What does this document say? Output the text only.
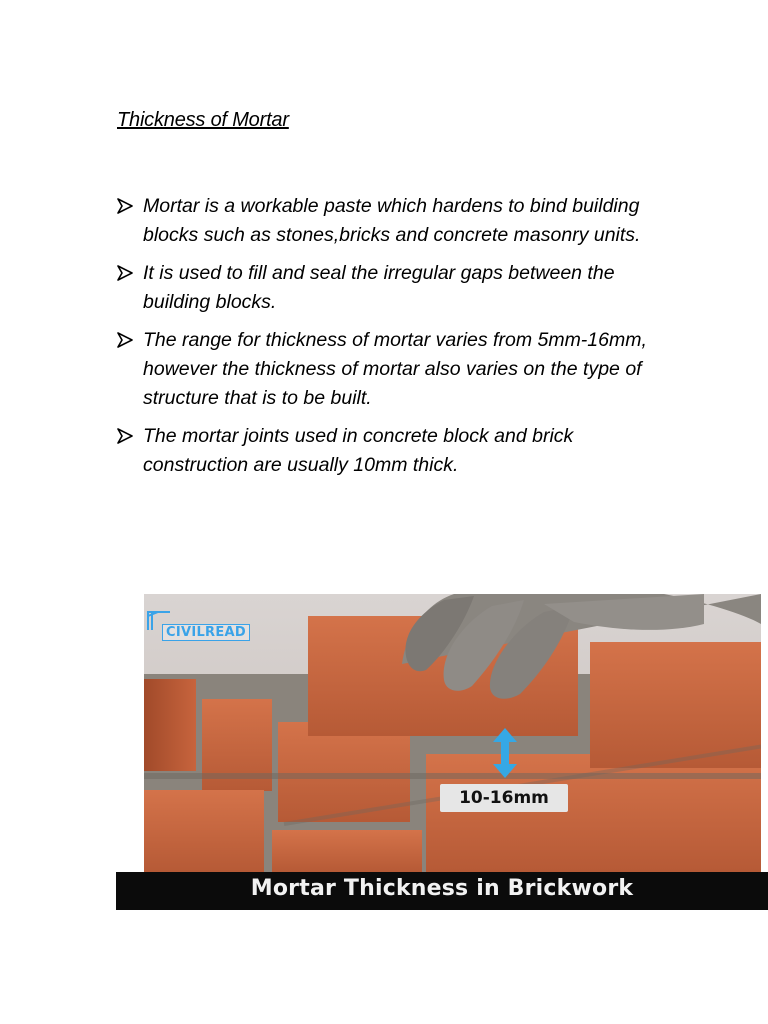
Thickness of Mortar
Mortar is a workable paste which hardens to bind building blocks such as stones,bricks and concrete masonry units.
It is used to fill and seal the irregular gaps between the building blocks.
The range for thickness of mortar varies from 5mm-16mm, however the thickness of mortar also varies on the type of structure that is to be built.
The mortar joints used in concrete block and brick construction are usually 10mm thick.
CIVILREAD
10-16mm
Mortar Thickness in Brickwork
